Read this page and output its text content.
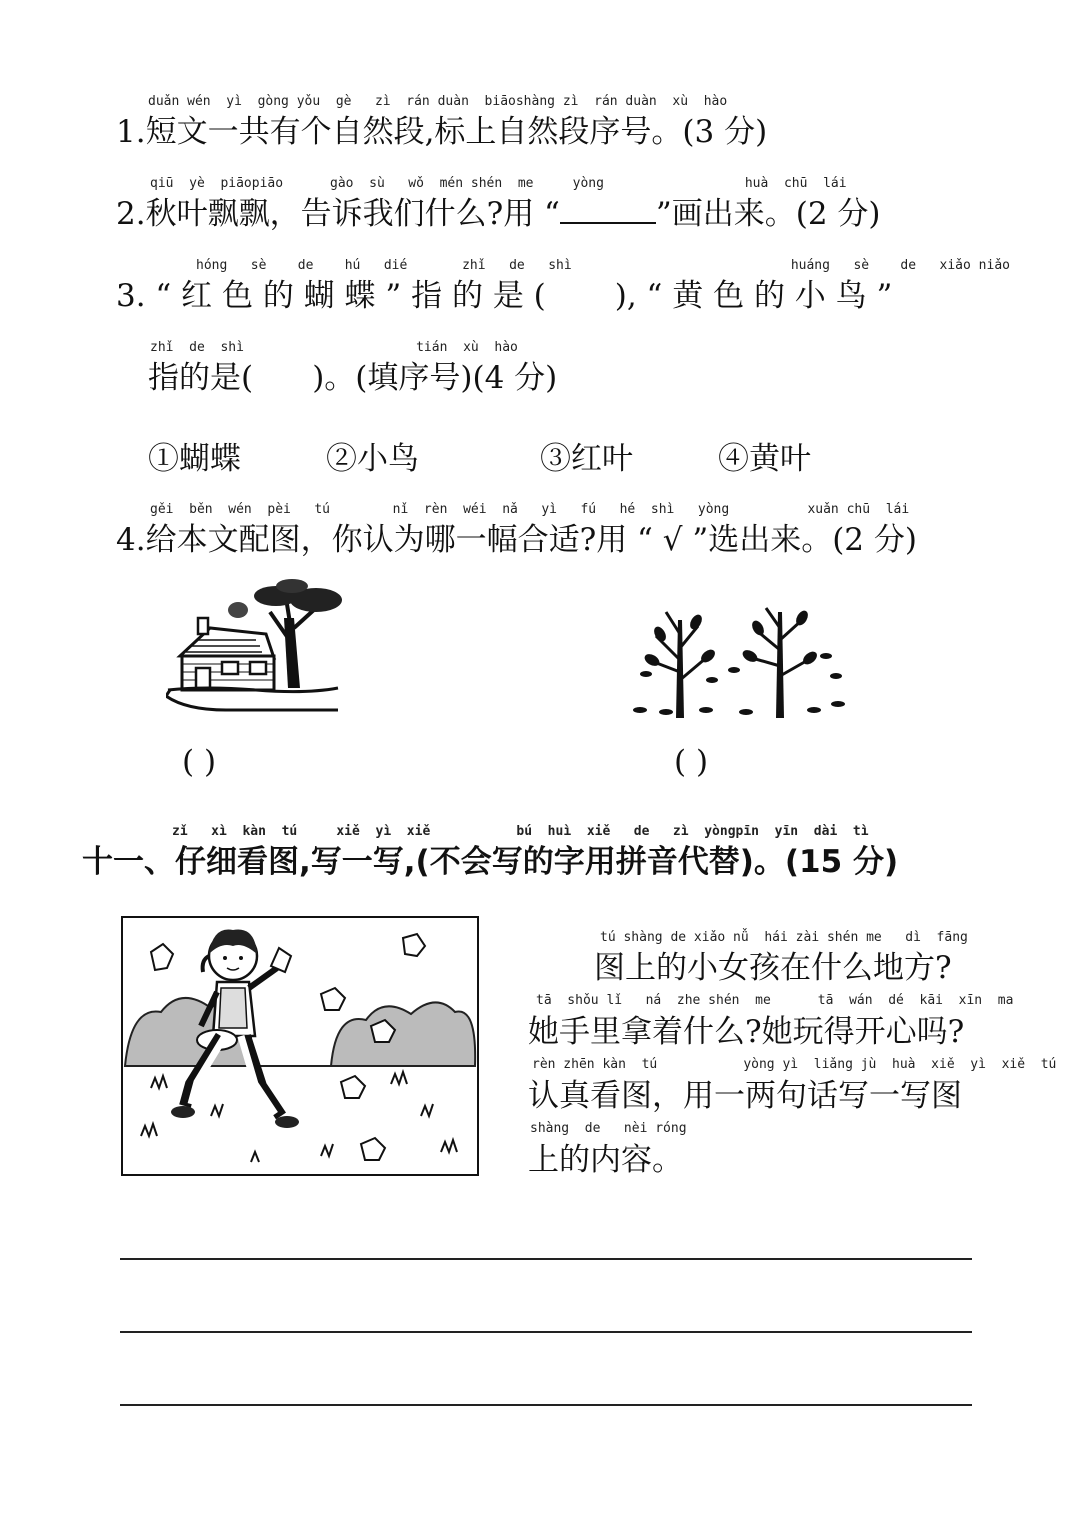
duǎn wén  yì  gòng yǒu  gè   zì  rán duàn  biāoshàng zì  rán duàn  xù  hào
1.短文一共有个自然段,标上自然段序号。(3 分)
qiū  yè  piāopiāo      gào  sù   wǒ  mén shén  me     yòng                  huà  chū  lái
2.秋叶飘飘，告诉我们什么?用 “	”画出来。(2 分)
hóng   sè    de    hú   dié       zhǐ   de   shì                            huáng   sè    de   xiǎo niǎo
3. “ 红 色 的 蝴 蝶 ” 指 的 是 (       ), “ 黄 色 的 小 鸟 ”
zhǐ  de  shì                      tián  xù  hào
指的是(      )。(填序号)(4 分)
①蝴蝶	②小鸟	③红叶	④黄叶
gěi  běn  wén  pèi   tú        nǐ  rèn  wéi  nǎ   yì   fú   hé  shì   yòng          xuǎn chū  lái
4.给本文配图，你认为哪一幅合适?用 “ √ ”选出来。(2 分)
( )	( )
zǐ   xì  kàn  tú     xiě  yì  xiě           bú  huì  xiě   de   zì  yòngpīn  yīn  dài  tì
十一、仔细看图,写一写,(不会写的字用拼音代替)。(15 分)
tú shàng de xiǎo nǚ  hái zài shén me   dì  fāng
图上的小女孩在什么地方?
tā  shǒu lǐ   ná  zhe shén  me      tā  wán  dé  kāi  xīn  ma
她手里拿着什么?她玩得开心吗?
rèn zhēn kàn  tú           yòng yì  liǎng jù  huà  xiě  yì  xiě  tú
认真看图，用一两句话写一写图
shàng  de   nèi róng
上的内容。
